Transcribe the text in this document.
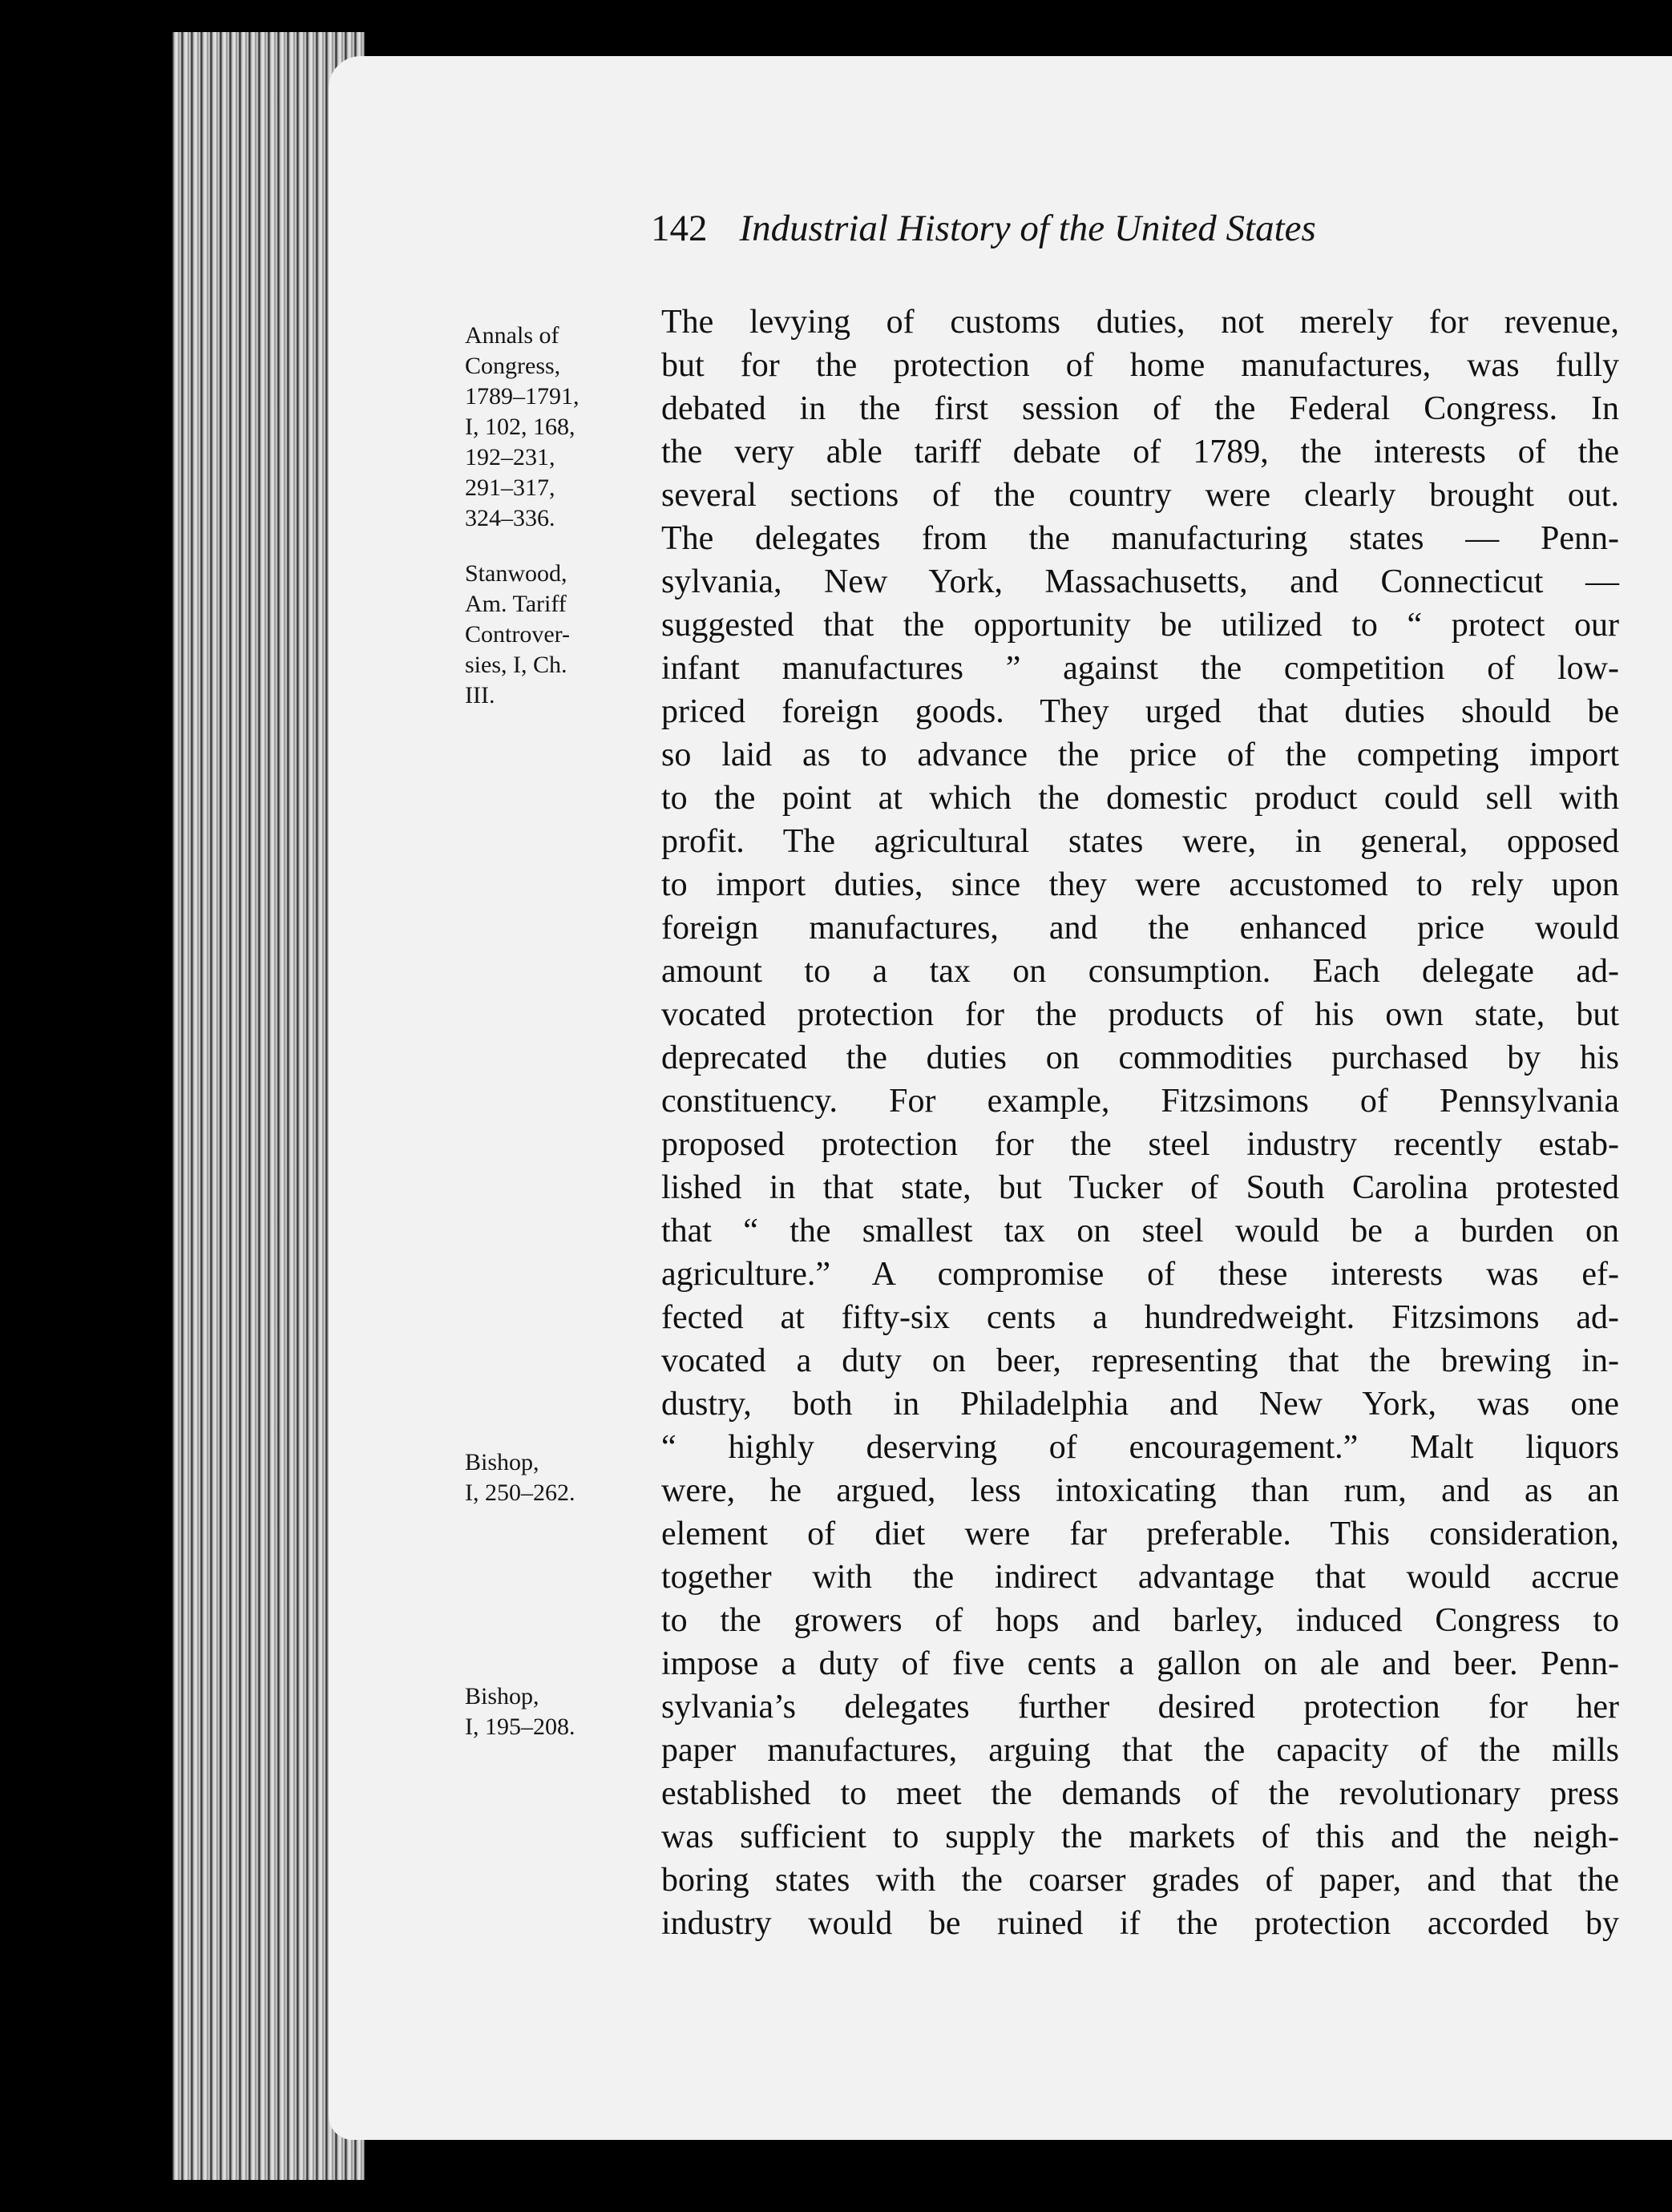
142 Industrial History of the United States
Annals of
Congress,
1789–1791,
I, 102, 168,
192–231,
291–317,
324–336.
Stanwood,
Am. Tariff
Controver-
sies, I, Ch.
III.
Bishop,
I, 250–262.
Bishop,
I, 195–208.
The levying of customs duties, not merely for revenue,
but for the protection of home manufactures, was fully
debated in the first session of the Federal Congress. In
the very able tariff debate of 1789, the interests of the
several sections of the country were clearly brought out.
The delegates from the manufacturing states — Penn-
sylvania, New York, Massachusetts, and Connecticut —
suggested that the opportunity be utilized to “ protect our
infant manufactures ” against the competition of low-
priced foreign goods. They urged that duties should be
so laid as to advance the price of the competing import
to the point at which the domestic product could sell with
profit. The agricultural states were, in general, opposed
to import duties, since they were accustomed to rely upon
foreign manufactures, and the enhanced price would
amount to a tax on consumption. Each delegate ad-
vocated protection for the products of his own state, but
deprecated the duties on commodities purchased by his
constituency. For example, Fitzsimons of Pennsylvania
proposed protection for the steel industry recently estab-
lished in that state, but Tucker of South Carolina protested
that “ the smallest tax on steel would be a burden on
agriculture.” A compromise of these interests was ef-
fected at fifty-six cents a hundredweight. Fitzsimons ad-
vocated a duty on beer, representing that the brewing in-
dustry, both in Philadelphia and New York, was one
“ highly deserving of encouragement.” Malt liquors
were, he argued, less intoxicating than rum, and as an
element of diet were far preferable. This consideration,
together with the indirect advantage that would accrue
to the growers of hops and barley, induced Congress to
impose a duty of five cents a gallon on ale and beer. Penn-
sylvania’s delegates further desired protection for her
paper manufactures, arguing that the capacity of the mills
established to meet the demands of the revolutionary press
was sufficient to supply the markets of this and the neigh-
boring states with the coarser grades of paper, and that the
industry would be ruined if the protection accorded by
